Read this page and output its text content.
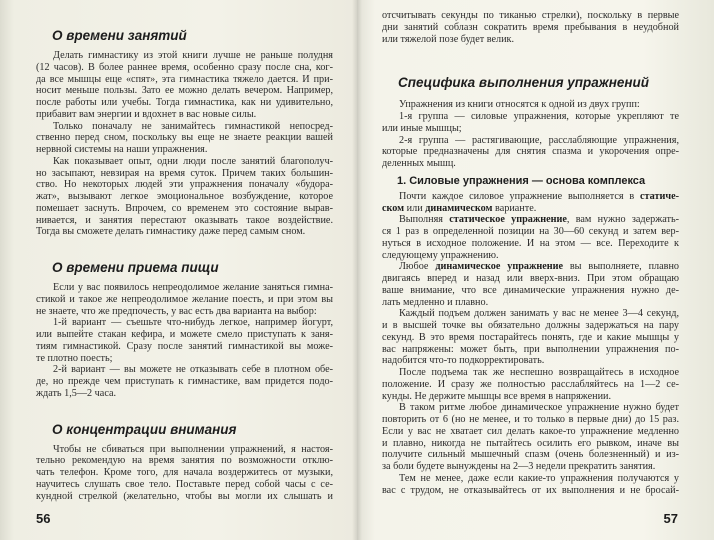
О времени занятий
Делать гимнастику из этой книги лучше не раньше полудня
(12 часов). В более раннее время, особенно сразу после сна, ког-
да все мышцы еще «спят», эта гимнастика тяжело дается. И при-
носит меньше пользы. Зато ее можно делать вечером. Например,
после работы или учебы. Тогда гимнастика, как ни удивительно,
прибавит вам энергии и вдохнет в вас новые силы.
Только поначалу не занимайтесь гимнастикой непосред-
ственно перед сном, поскольку вы еще не знаете реакции вашей
нервной системы на наши упражнения.
Как показывает опыт, одни люди после занятий благополуч-
но засыпают, невзирая на время суток. Причем таких большин-
ство. Но некоторых людей эти упражнения поначалу «будора-
жат», вызывают легкое эмоциональное возбуждение, которое
помешает заснуть. Впрочем, со временем это состояние вырав-
нивается, и занятия перестают оказывать такое воздействие.
Тогда вы сможете делать гимнастику даже перед самым сном.
О времени приема пищи
Если у вас появилось непреодолимое желание заняться гимна-
стикой и такое же непреодолимое желание поесть, и при этом вы
не знаете, что же предпочесть, у вас есть два варианта на выбор:
1-й вариант — съешьте что-нибудь легкое, например йогурт,
или выпейте стакан кефира, и можете смело приступать к заня-
тиям гимнастикой. Сразу после занятий гимнастикой вы може-
те плотно поесть;
2-й вариант — вы можете не отказывать себе в плотном обе-
де, но прежде чем приступать к гимнастике, вам придется подо-
ждать 1,5—2 часа.
О концентрации внимания
Чтобы не сбиваться при выполнении упражнений, я настоя-
тельно рекомендую на время занятия по возможности отклю-
чать телефон. Кроме того, для начала воздержитесь от музыки,
научитесь слушать свое тело. Поставьте перед собой часы с се-
кундной стрелкой (желательно, чтобы вы могли их слышать и
56
отсчитывать секунды по тиканью стрелки), поскольку в первые
дни занятий соблазн сократить время пребывания в неудобной
или тяжелой позе будет велик.
Специфика выполнения упражнений
Упражнения из книги относятся к одной из двух групп:
1-я группа — силовые упражнения, которые укрепляют те
или иные мышцы;
2-я группа — растягивающие, расслабляющие упражнения,
которые предназначены для снятия спазма и укорочения опре-
деленных мышц.
1. Силовые упражнения — основа комплекса
Почти каждое силовое упражнение выполняется в статиче-
ском или динамическом варианте.
Выполняя статическое упражнение, вам нужно задержать-
ся 1 раз в определенной позиции на 30—60 секунд и затем вер-
нуться в исходное положение. И на этом — все. Переходите к
следующему упражнению.
Любое динамическое упражнение вы выполняете, плавно
двигаясь вперед и назад или вверх-вниз. При этом обращаю
ваше внимание, что все динамические упражнения нужно де-
лать медленно и плавно.
Каждый подъем должен занимать у вас не менее 3—4 секунд,
и в высшей точке вы обязательно должны задержаться на пару
секунд. В это время постарайтесь понять, где и какие мышцы у
вас напряжены: может быть, при выполнении упражнения по-
надобится что-то подкорректировать.
После подъема так же неспешно возвращайтесь в исходное
положение. И сразу же полностью расслабляйтесь на 1—2 се-
кунды. Не держите мышцы все время в напряжении.
В таком ритме любое динамическое упражнение нужно будет
повторить от 6 (но не менее, и то только в первые дни) до 15 раз.
Если у вас не хватает сил делать какое-то упражнение медленно
и плавно, никогда не пытайтесь осилить его рывком, иначе вы
получите сильный мышечный спазм (очень болезненный) и из-
за боли будете вынуждены на 2—3 недели прекратить занятия.
Тем не менее, даже если какие-то упражнения получаются у
вас с трудом, не отказывайтесь от их выполнения и не бросай-
57
